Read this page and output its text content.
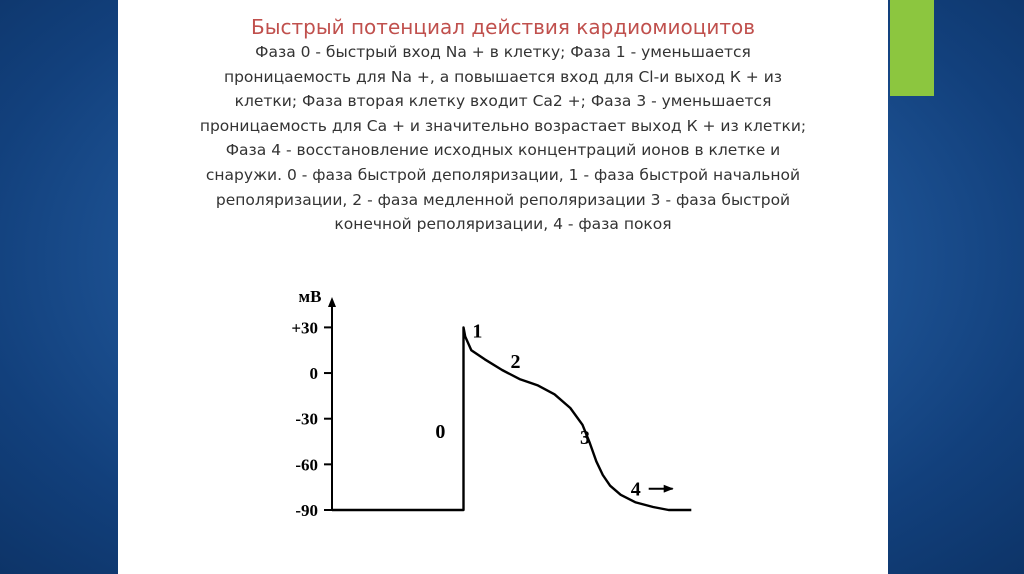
Быстрый потенциал действия кардиомиоцитов
Фаза 0 - быстрый вход Na + в клетку; Фаза 1 - уменьшается
проницаемость для Na +, а повышается вход для Cl-и выход К + из
клетки; Фаза вторая клетку входит Са2 +; Фаза 3 - уменьшается
проницаемость для Са + и значительно возрастает выход К + из клетки;
Фаза 4 - восстановление исходных концентраций ионов в клетке и
снаружи. 0 - фаза быстрой деполяризации, 1 - фаза быстрой начальной
реполяризации, 2 - фаза медленной реполяризации 3 - фаза быстрой
конечной реполяризации, 4 - фаза покоя
мВ
+30
0
-30
-60
-90
0
1
2
3
4
